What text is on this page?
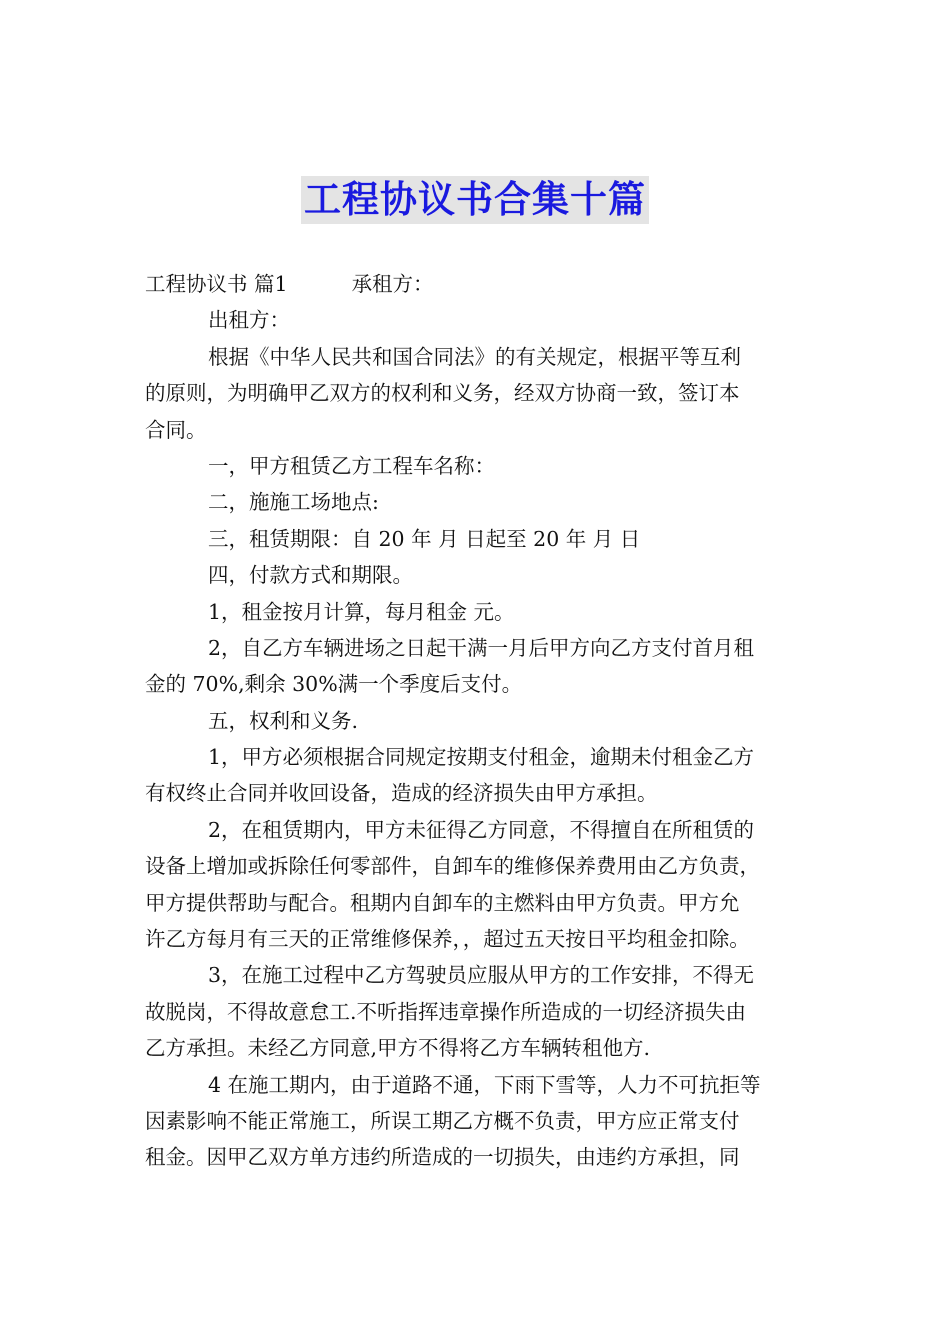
工程协议书合集十篇
工程协议书 篇1	承租方：
出租方：
根据《中华人民共和国合同法》的有关规定，根据平等互利
的原则，为明确甲乙双方的权利和义务，经双方协商一致，签订本
合同。
一，甲方租赁乙方工程车名称：
二，施施工场地点:
三，租赁期限：自 20 年 月 日起至 20 年 月 日
四，付款方式和期限。
1，租金按月计算，每月租金 元。
2，自乙方车辆进场之日起干满一月后甲方向乙方支付首月租
金的 70%,剩余 30%满一个季度后支付。
五，权利和义务.
1，甲方必须根据合同规定按期支付租金，逾期未付租金乙方
有权终止合同并收回设备，造成的经济损失由甲方承担。
2，在租赁期内，甲方未征得乙方同意，不得擅自在所租赁的
设备上增加或拆除任何零部件，自卸车的维修保养费用由乙方负责，
甲方提供帮助与配合。租期内自卸车的主燃料由甲方负责。甲方允
许乙方每月有三天的正常维修保养，，超过五天按日平均租金扣除。
3，在施工过程中乙方驾驶员应服从甲方的工作安排，不得无
故脱岗，不得故意怠工.不听指挥违章操作所造成的一切经济损失由
乙方承担。未经乙方同意,甲方不得将乙方车辆转租他方.
4 在施工期内，由于道路不通，下雨下雪等，人力不可抗拒等
因素影响不能正常施工，所误工期乙方概不负责，甲方应正常支付
租金。因甲乙双方单方违约所造成的一切损失，由违约方承担，同
